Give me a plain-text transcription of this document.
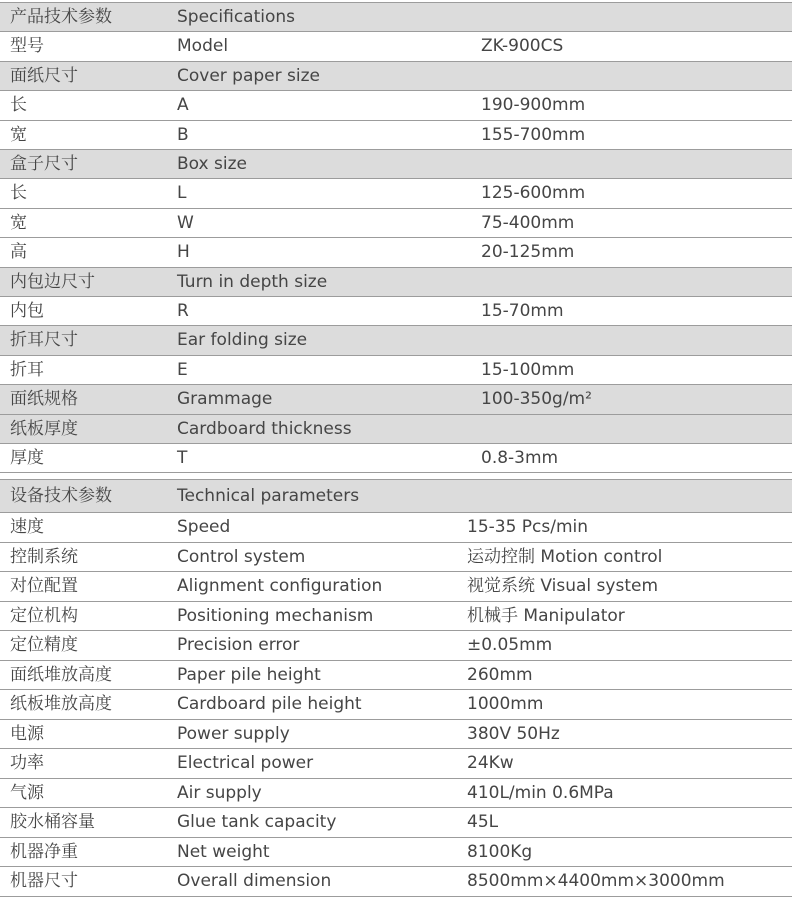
产品技术参数	Specifications
型号	Model	ZK-900CS
面纸尺寸	Cover paper size
长	A	190-900mm
宽	B	155-700mm
盒子尺寸	Box size
长	L	125-600mm
宽	W	75-400mm
高	H	20-125mm
内包边尺寸	Turn in depth size
内包	R	15-70mm
折耳尺寸	Ear folding size
折耳	E	15-100mm
面纸规格	Grammage	100-350g/m²
纸板厚度	Cardboard thickness
厚度	T	0.8-3mm
设备技术参数	Technical parameters
速度	Speed	15-35 Pcs/min
控制系统	Control system	运动控制 Motion control
对位配置	Alignment configuration	视觉系统 Visual system
定位机构	Positioning mechanism	机械手 Manipulator
定位精度	Precision error	±0.05mm
面纸堆放高度	Paper pile height	260mm
纸板堆放高度	Cardboard pile height	1000mm
电源	Power supply	380V 50Hz
功率	Electrical power	24Kw
气源	Air supply	410L/min 0.6MPa
胶水桶容量	Glue tank capacity	45L
机器净重	Net weight	8100Kg
机器尺寸	Overall dimension	8500mm×4400mm×3000mm
